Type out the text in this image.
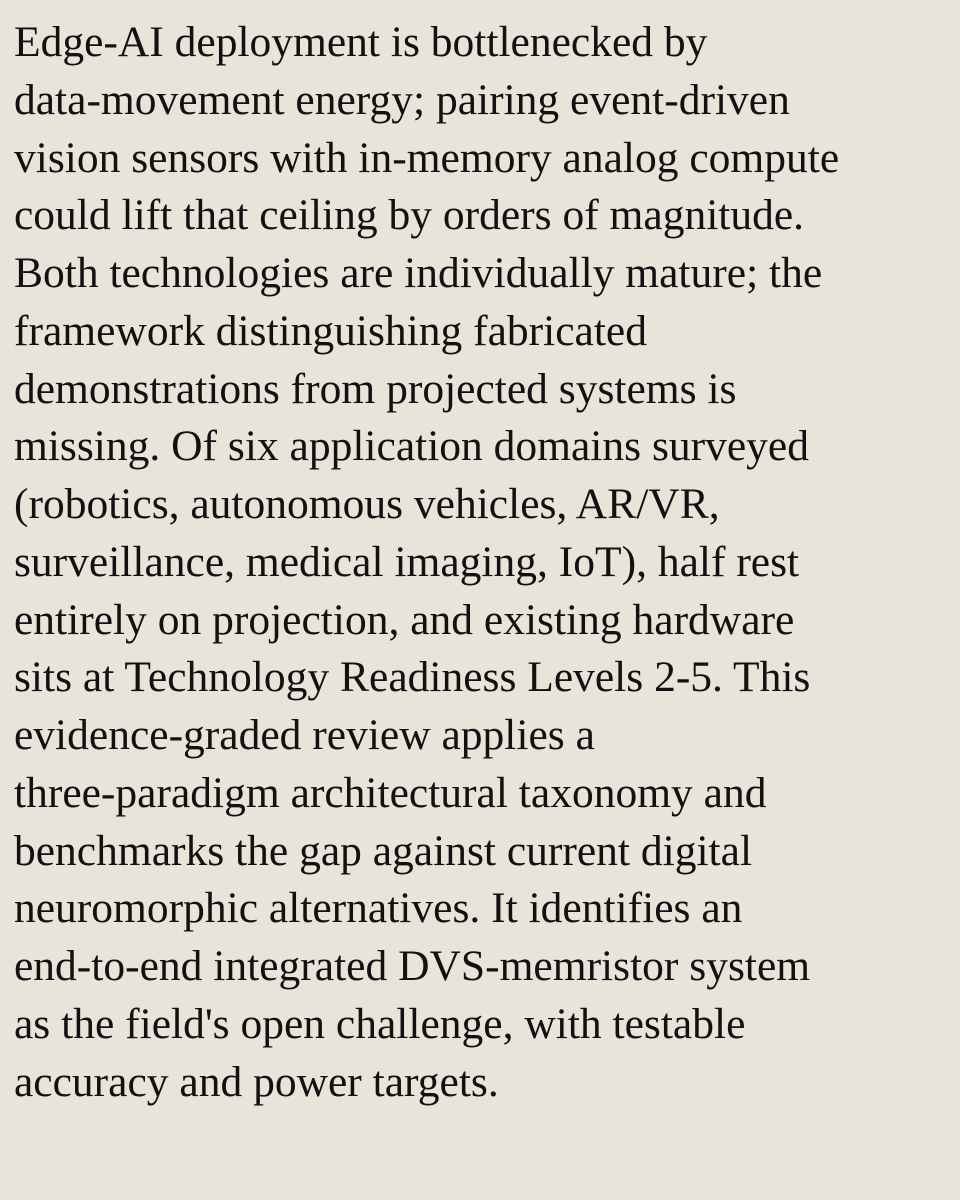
Edge-AI deployment is bottlenecked by
data-movement energy; pairing event-driven
vision sensors with in-memory analog compute
could lift that ceiling by orders of magnitude.
Both technologies are individually mature; the
framework distinguishing fabricated
demonstrations from projected systems is
missing. Of six application domains surveyed
(robotics, autonomous vehicles, AR/VR,
surveillance, medical imaging, IoT), half rest
entirely on projection, and existing hardware
sits at Technology Readiness Levels 2-5. This
evidence-graded review applies a
three-paradigm architectural taxonomy and
benchmarks the gap against current digital
neuromorphic alternatives. It identifies an
end-to-end integrated DVS-memristor system
as the field's open challenge, with testable
accuracy and power targets.
